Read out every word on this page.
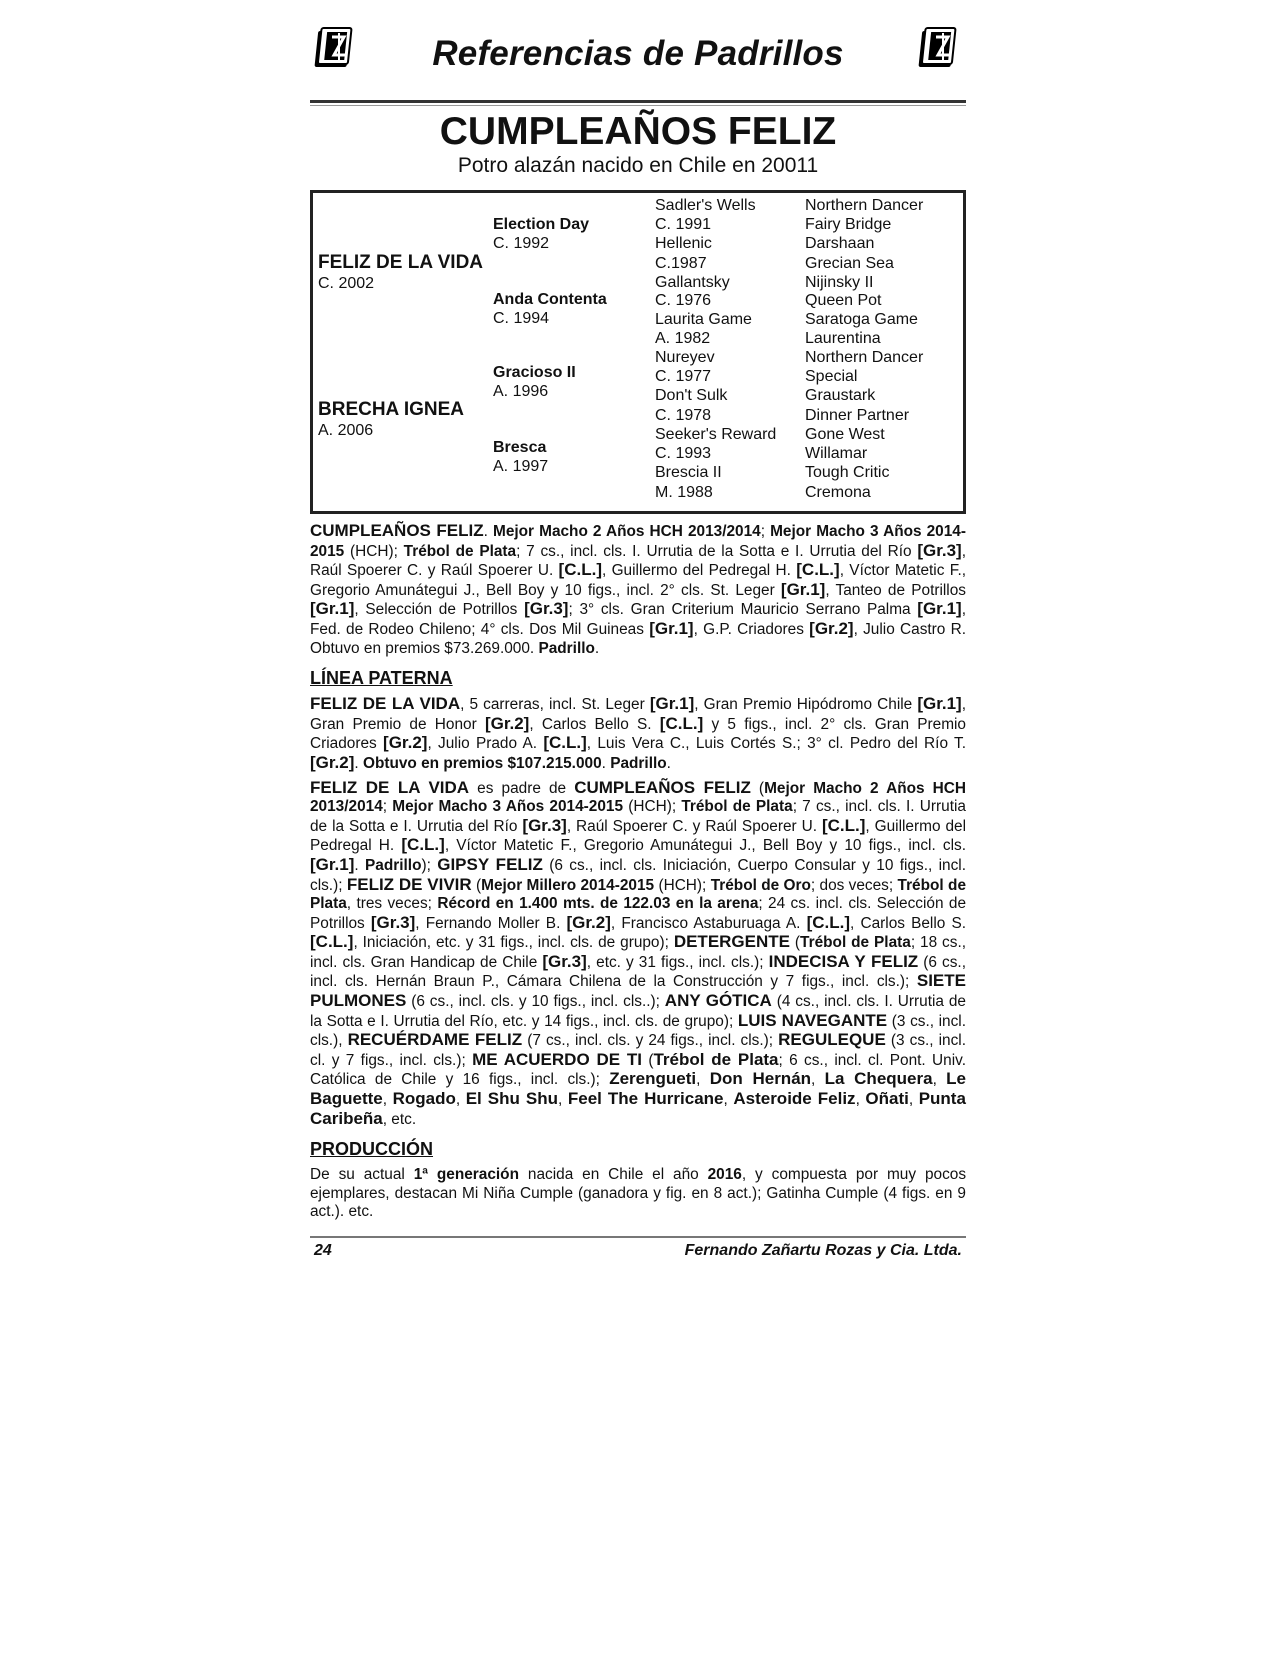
Referencias de Padrillos
CUMPLEAÑOS FELIZ
Potro alazán nacido en Chile en 20011
FELIZ DE LA VIDA
C. 2002
BRECHA IGNEA
A. 2006
Election Day
C. 1992
Anda Contenta
C. 1994
Gracioso II
A. 1996
Bresca
A. 1997
Sadler's Wells
C. 1991
Hellenic
C.1987
Gallantsky
C. 1976
Laurita Game
A. 1982
Nureyev
C. 1977
Don't Sulk
C. 1978
Seeker's Reward
C. 1993
Brescia II
M. 1988
Northern Dancer
Fairy Bridge
Darshaan
Grecian Sea
Nijinsky II
Queen Pot
Saratoga Game
Laurentina
Northern Dancer
Special
Graustark
Dinner Partner
Gone West
Willamar
Tough Critic
Cremona

CUMPLEAÑOS FELIZ. Mejor Macho 2 Años HCH 2013/2014; Mejor Macho 3 Años 2014-2015 (HCH); Trébol de Plata; 7 cs., incl. cls. I. Urrutia de la Sotta e I. Urrutia del Río [Gr.3], Raúl Spoerer C. y Raúl Spoerer U. [C.L.], Guillermo del Pedregal H. [C.L.], Víctor Matetic F., Gregorio Amunátegui J., Bell Boy y 10 figs., incl. 2° cls. St. Leger [Gr.1], Tanteo de Potrillos [Gr.1], Selección de Potrillos [Gr.3]; 3° cls. Gran Criterium Mauricio Serrano Palma [Gr.1], Fed. de Rodeo Chileno; 4° cls. Dos Mil Guineas [Gr.1], G.P. Criadores [Gr.2], Julio Castro R. Obtuvo en premios $73.269.000. Padrillo.

LÍNEA PATERNA

FELIZ DE LA VIDA, 5 carreras, incl. St. Leger [Gr.1], Gran Premio Hipódromo Chile [Gr.1], Gran Premio de Honor [Gr.2], Carlos Bello S. [C.L.] y 5 figs., incl. 2° cls. Gran Premio Criadores [Gr.2], Julio Prado A. [C.L.], Luis Vera C., Luis Cortés S.; 3° cl. Pedro del Río T. [Gr.2]. Obtuvo en premios $107.215.000. Padrillo.

FELIZ DE LA VIDA es padre de CUMPLEAÑOS FELIZ (Mejor Macho 2 Años HCH 2013/2014; Mejor Macho 3 Años 2014-2015 (HCH); Trébol de Plata; 7 cs., incl. cls. I. Urrutia de la Sotta e I. Urrutia del Río [Gr.3], Raúl Spoerer C. y Raúl Spoerer U. [C.L.], Guillermo del Pedregal H. [C.L.], Víctor Matetic F., Gregorio Amunátegui J., Bell Boy y 10 figs., incl. cls. [Gr.1]. Padrillo); GIPSY FELIZ (6 cs., incl. cls. Iniciación, Cuerpo Consular y 10 figs., incl. cls.); FELIZ DE VIVIR (Mejor Millero 2014-2015 (HCH); Trébol de Oro; dos veces; Trébol de Plata, tres veces; Récord en 1.400 mts. de 122.03 en la arena; 24 cs. incl. cls. Selección de Potrillos [Gr.3], Fernando Moller B. [Gr.2], Francisco Astaburuaga A. [C.L.], Carlos Bello S. [C.L.], Iniciación, etc. y 31 figs., incl. cls. de grupo); DETERGENTE (Trébol de Plata; 18 cs., incl. cls. Gran Handicap de Chile [Gr.3], etc. y 31 figs., incl. cls.); INDECISA Y FELIZ (6 cs., incl. cls. Hernán Braun P., Cámara Chilena de la Construcción y 7 figs., incl. cls.); SIETE PULMONES (6 cs., incl. cls. y 10 figs., incl. cls..); ANY GÓTICA (4 cs., incl. cls. I. Urrutia de la Sotta e I. Urrutia del Río, etc. y 14 figs., incl. cls. de grupo); LUIS NAVEGANTE (3 cs., incl. cls.), RECUÉRDAME FELIZ (7 cs., incl. cls. y 24 figs., incl. cls.); REGULEQUE (3 cs., incl. cl. y 7 figs., incl. cls.); ME ACUERDO DE TI (Trébol de Plata; 6 cs., incl. cl. Pont. Univ. Católica de Chile y 16 figs., incl. cls.); Zerengueti, Don Hernán, La Chequera, Le Baguette, Rogado, El Shu Shu, Feel The Hurricane, Asteroide Feliz, Oñati, Punta Caribeña, etc.

PRODUCCIÓN

De su actual 1ª generación nacida en Chile el año 2016, y compuesta por muy pocos ejemplares, destacan Mi Niña Cumple (ganadora y fig. en 8 act.); Gatinha Cumple (4 figs. en 9 act.). etc.

24	Fernando Zañartu Rozas y Cia. Ltda.
